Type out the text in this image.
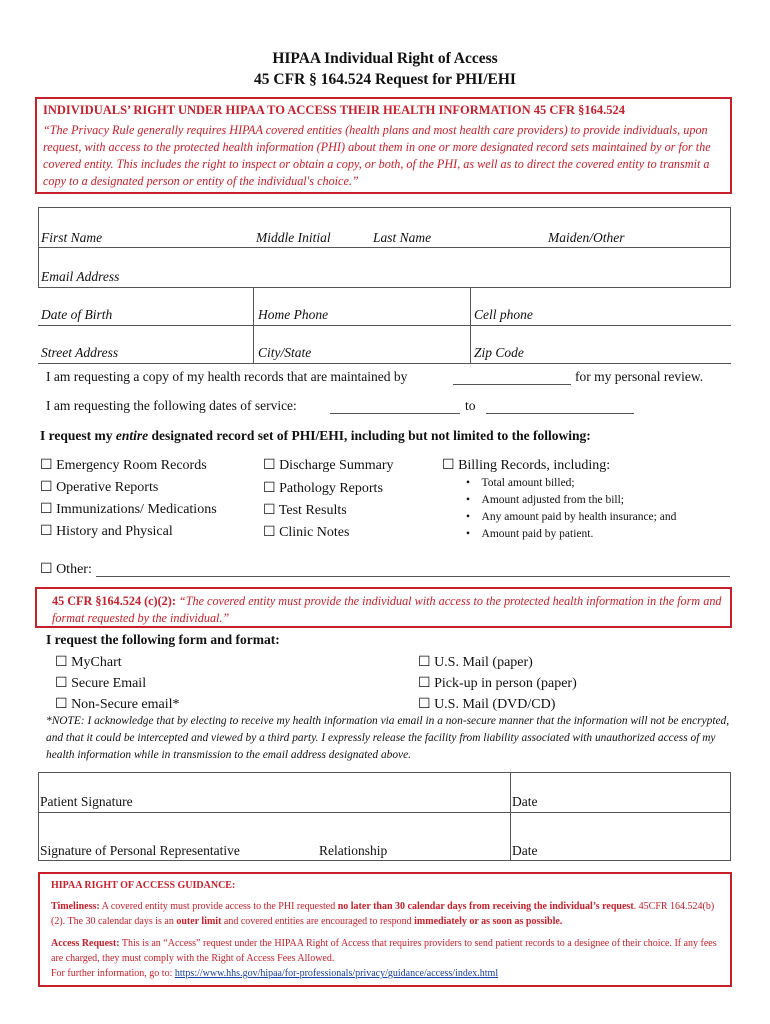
HIPAA Individual Right of Access
45 CFR § 164.524 Request for PHI/EHI
INDIVIDUALS’ RIGHT UNDER HIPAA TO ACCESS THEIR HEALTH INFORMATION 45 CFR §164.524
“The Privacy Rule generally requires HIPAA covered entities (health plans and most health care providers) to provide individuals, upon request, with access to the protected health information (PHI) about them in one or more designated record sets maintained by or for the covered entity. This includes the right to inspect or obtain a copy, or both, of the PHI, as well as to direct the covered entity to transmit a copy to a designated person or entity of the individual's choice.”
First Name	Middle Initial	Last Name	Maiden/Other
Email Address
Date of Birth	Home Phone	Cell phone
Street Address	City/State	Zip Code
I am requesting a copy of my health records that are maintained by	for my personal review.
I am requesting the following dates of service:	to
I request my entire designated record set of PHI/EHI, including but not limited to the following:
☐ Emergency Room Records
☐ Operative Reports
☐ Immunizations/ Medications
☐ History and Physical
☐ Discharge Summary
☐ Pathology Reports
☐ Test Results
☐ Clinic Notes
☐ Billing Records, including:
•    Total amount billed;
•    Amount adjusted from the bill;
•    Any amount paid by health insurance; and
•    Amount paid by patient.
☐ Other:
45 CFR §164.524 (c)(2): “The covered entity must provide the individual with access to the protected health information in the form and format requested by the individual.”
I request the following form and format:
☐ MyChart
☐ Secure Email
☐ Non-Secure email*
☐ U.S. Mail (paper)
☐ Pick-up in person (paper)
☐ U.S. Mail (DVD/CD)
*NOTE: I acknowledge that by electing to receive my health information via email in a non-secure manner that the information will not be encrypted, and that it could be intercepted and viewed by a third party. I expressly release the facility from liability associated with unauthorized access of my health information while in transmission to the email address designated above.
Patient Signature	Date
Signature of Personal Representative	Relationship	Date
HIPAA RIGHT OF ACCESS GUIDANCE:
Timeliness: A covered entity must provide access to the PHI requested no later than 30 calendar days from receiving the individual’s request. 45CFR 164.524(b)(2). The 30 calendar days is an outer limit and covered entities are encouraged to respond immediately or as soon as possible.
Access Request: This is an “Access” request under the HIPAA Right of Access that requires providers to send patient records to a designee of their choice. If any fees are charged, they must comply with the Right of Access Fees Allowed.
For further information, go to: https://www.hhs.gov/hipaa/for-professionals/privacy/guidance/access/index.html
